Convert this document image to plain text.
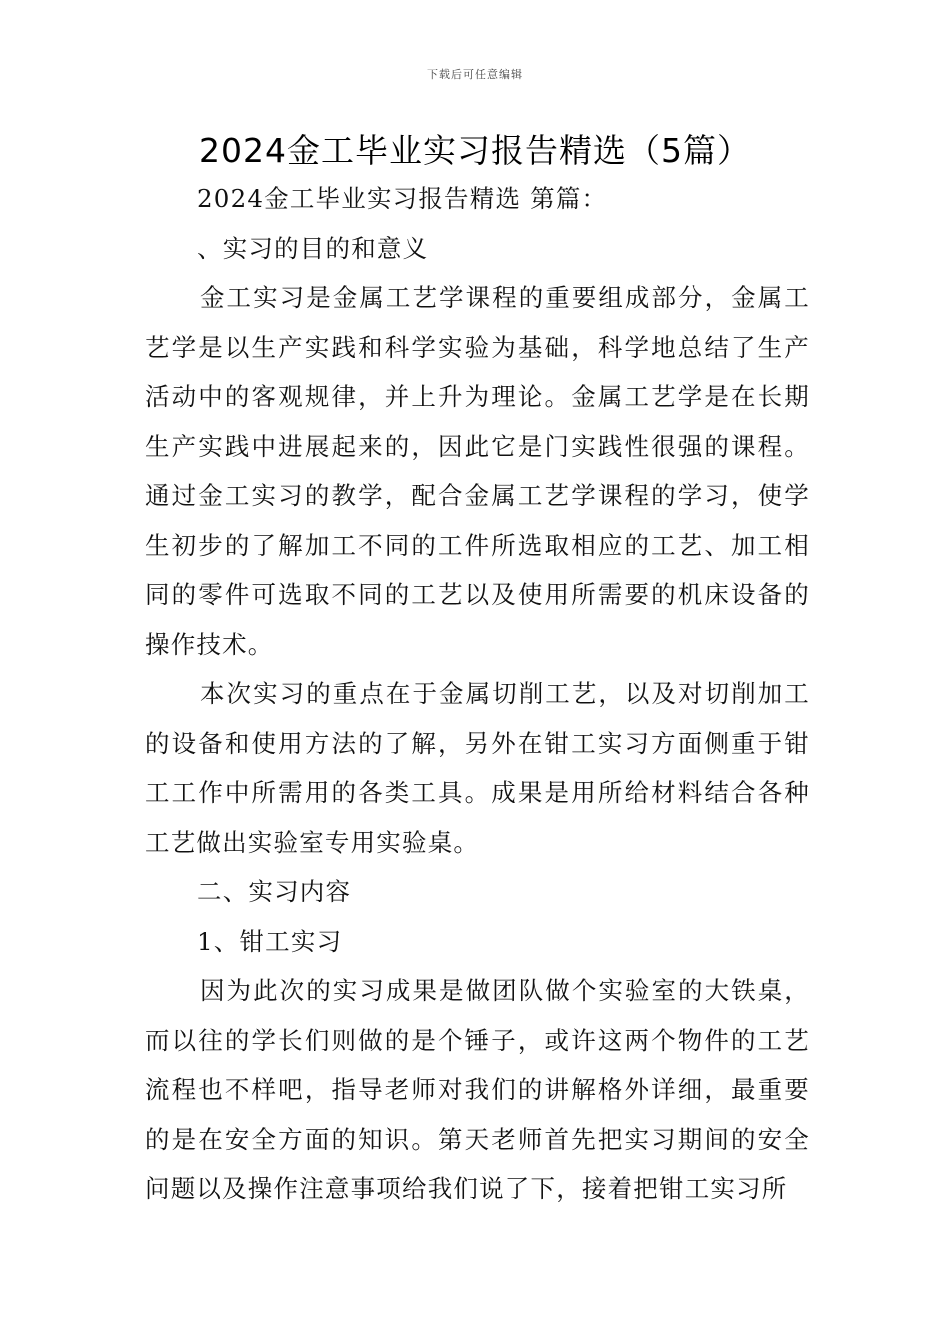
下载后可任意编辑
2024金工毕业实习报告精选（5篇）

2024金工毕业实习报告精选 第篇：

、实习的目的和意义

金工实习是金属工艺学课程的重要组成部分，金属工艺学是以生产实践和科学实验为基础，科学地总结了生产活动中的客观规律，并上升为理论。金属工艺学是在长期生产实践中进展起来的，因此它是门实践性很强的课程。通过金工实习的教学，配合金属工艺学课程的学习，使学生初步的了解加工不同的工件所选取相应的工艺、加工相同的零件可选取不同的工艺以及使用所需要的机床设备的操作技术。

本次实习的重点在于金属切削工艺，以及对切削加工的设备和使用方法的了解，另外在钳工实习方面侧重于钳工工作中所需用的各类工具。成果是用所给材料结合各种工艺做出实验室专用实验桌。

二、实习内容

1、钳工实习

因为此次的实习成果是做团队做个实验室的大铁桌，而以往的学长们则做的是个锤子，或许这两个物件的工艺流程也不样吧，指导老师对我们的讲解格外详细，最重要的是在安全方面的知识。第天老师首先把实习期间的安全问题以及操作注意事项给我们说了下，接着把钳工实习所
